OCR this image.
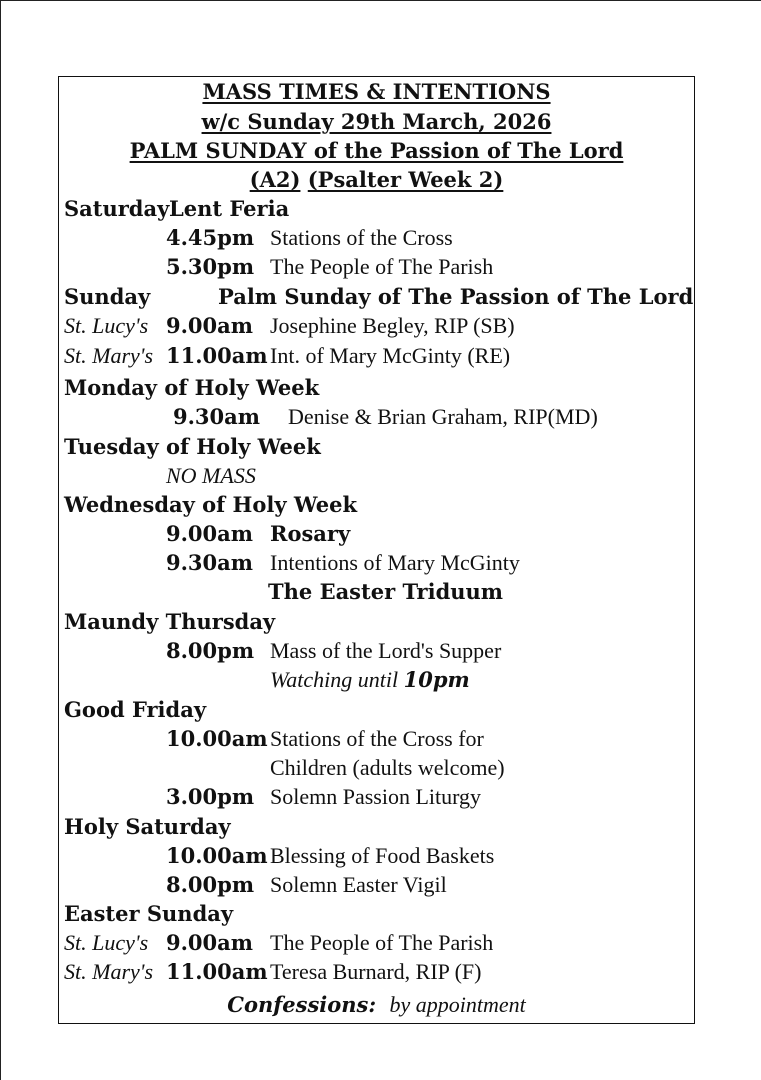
MASS TIMES & INTENTIONS
w/c Sunday 29th March, 2026
PALM SUNDAY of the Passion of The Lord
(A2) (Psalter Week 2)
Saturday Lent Feria
4.45pm Stations of the Cross
5.30pm The People of The Parish
Sunday	Palm Sunday of The Passion of The Lord
St. Lucy's 9.00am Josephine Begley, RIP (SB)
St. Mary's 11.00am Int. of Mary McGinty (RE)
Monday of Holy Week
9.30am Denise & Brian Graham, RIP(MD)
Tuesday of Holy Week
NO MASS
Wednesday of Holy Week
9.00am Rosary
9.30am Intentions of Mary McGinty
The Easter Triduum
Maundy Thursday
8.00pm Mass of the Lord's Supper
Watching until 10pm
Good Friday
10.00am Stations of the Cross for
Children (adults welcome)
3.00pm Solemn Passion Liturgy
Holy Saturday
10.00am Blessing of Food Baskets
8.00pm Solemn Easter Vigil
Easter Sunday
St. Lucy's 9.00am The People of The Parish
St. Mary's 11.00am Teresa Burnard, RIP (F)
Confessions: by appointment
